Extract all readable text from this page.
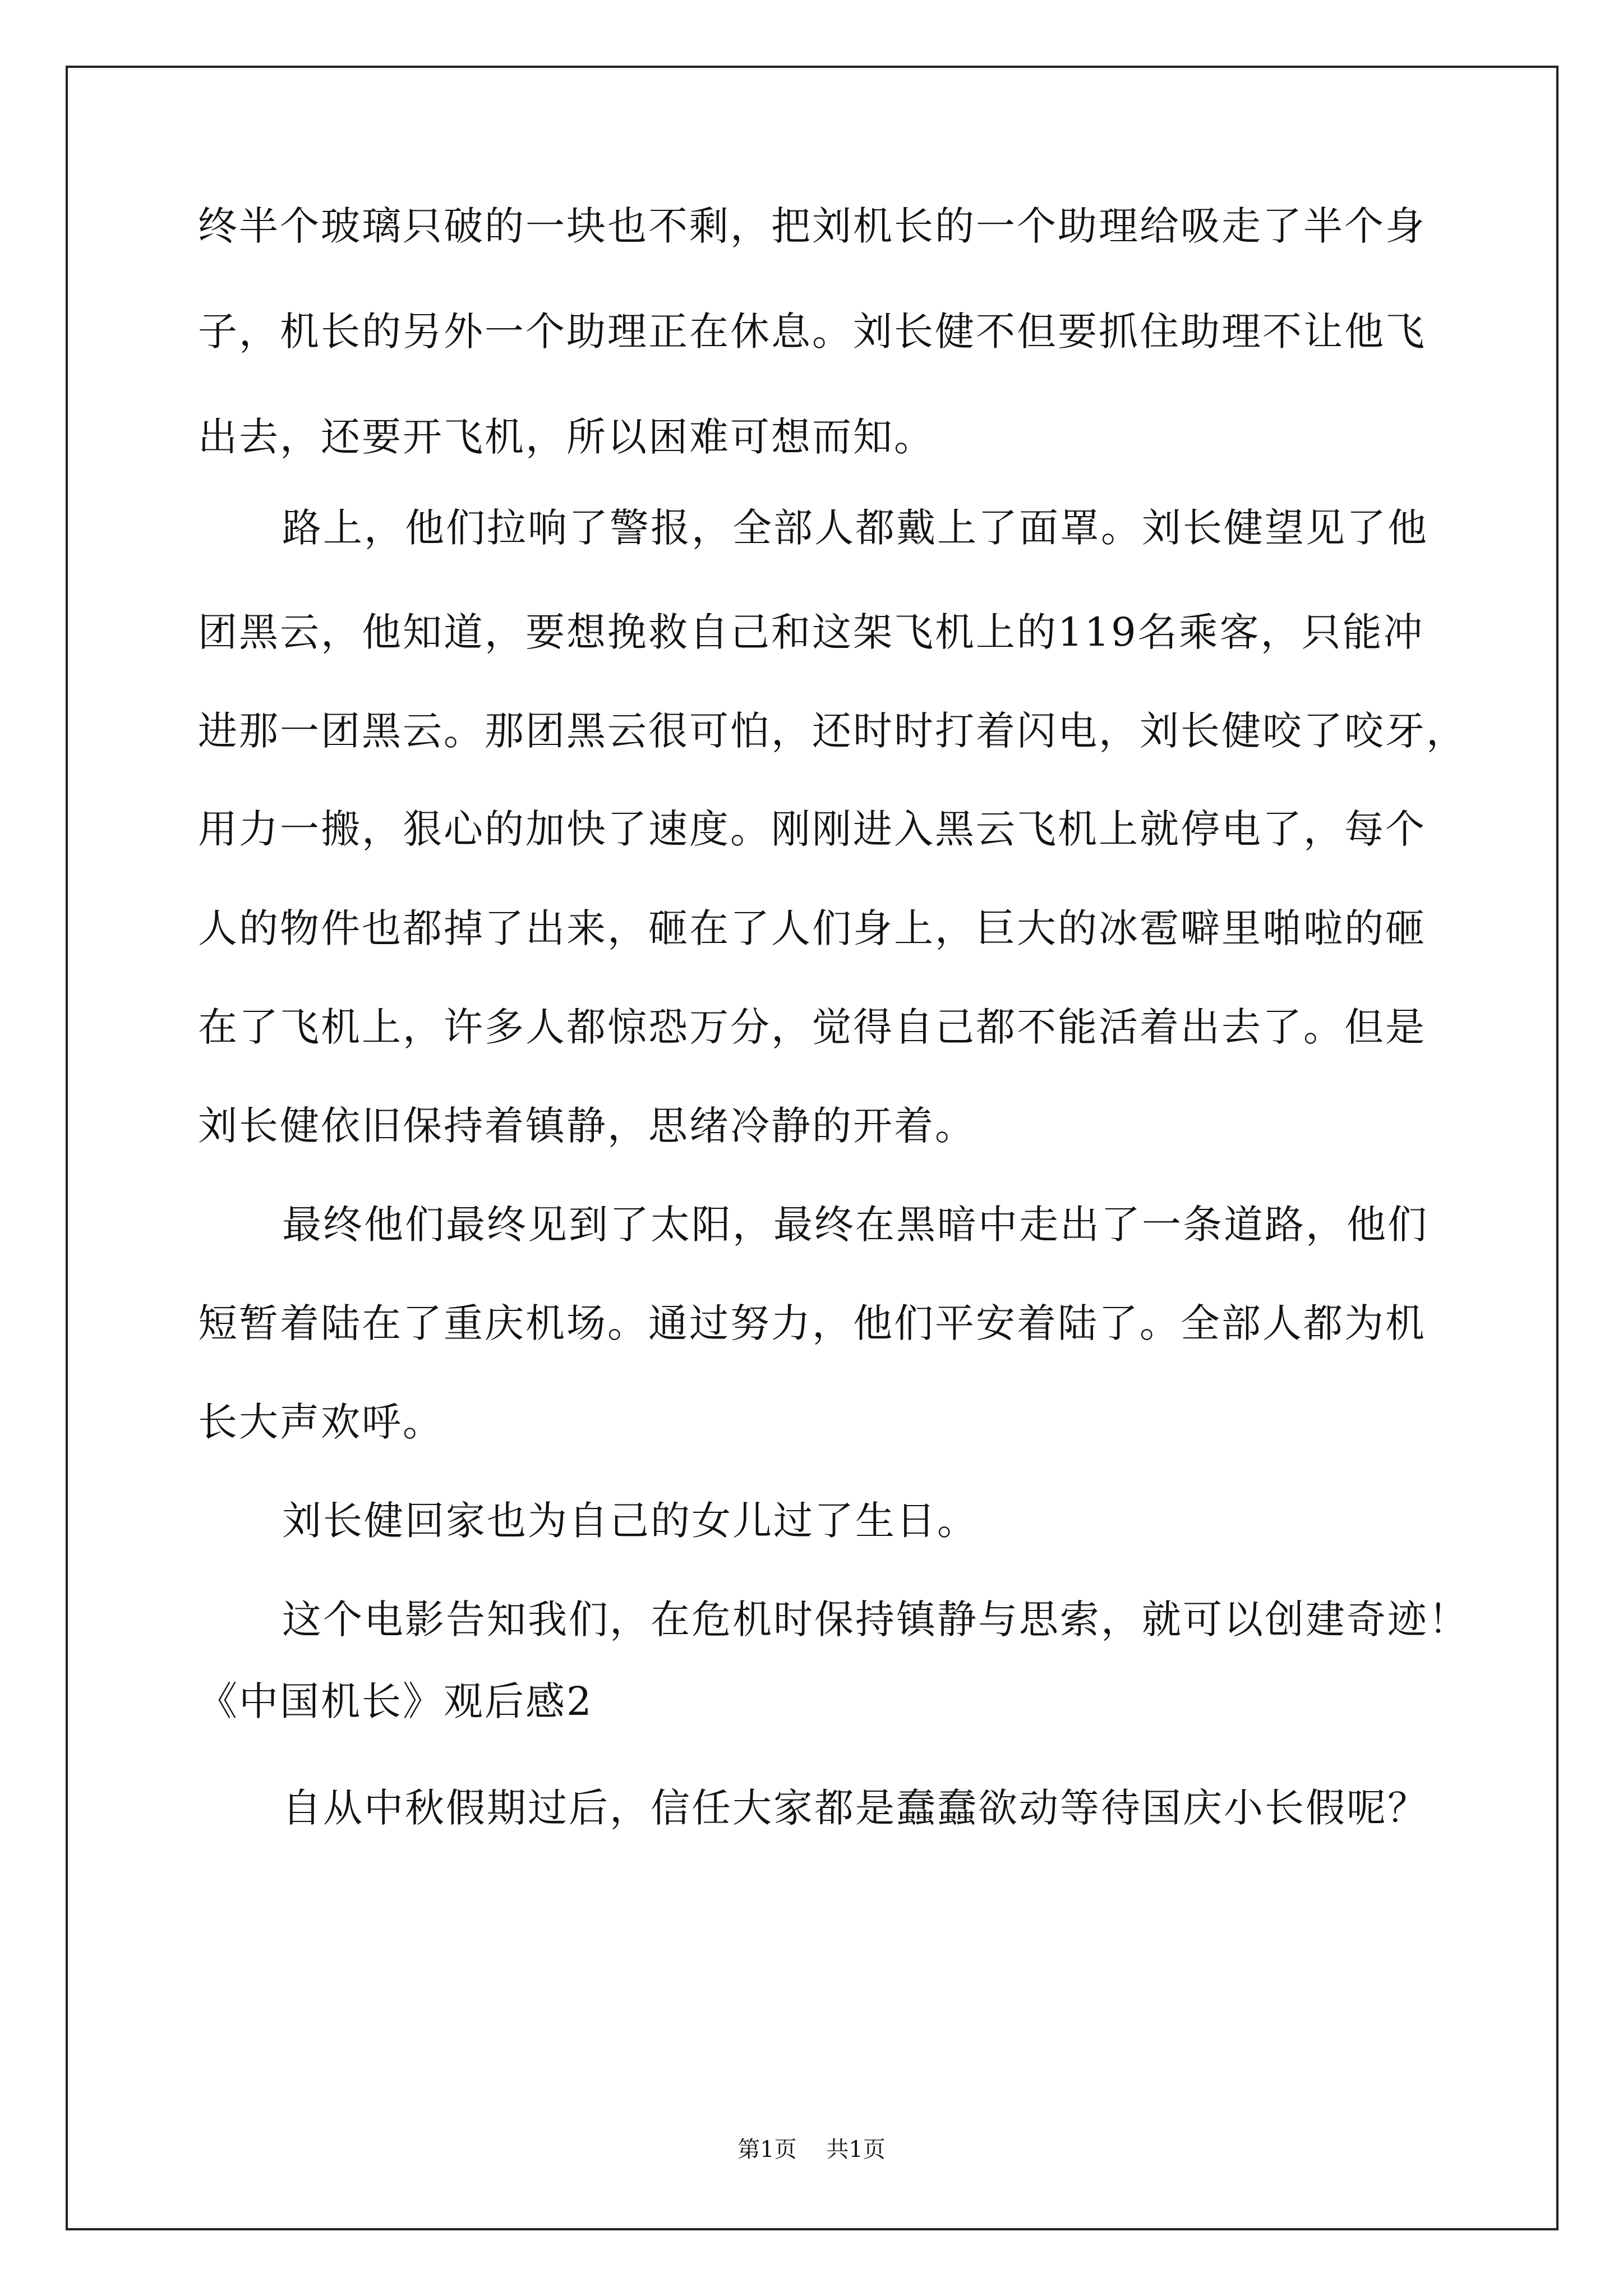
终半个玻璃只破的一块也不剩，把刘机长的一个助理给吸走了半个身
子，机长的另外一个助理正在休息。刘长健不但要抓住助理不让他飞
出去，还要开飞机，所以困难可想而知。
路上，他们拉响了警报，全部人都戴上了面罩。刘长健望见了他
团黑云，他知道，要想挽救自己和这架飞机上的119名乘客，只能冲
进那一团黑云。那团黑云很可怕，还时时打着闪电，刘长健咬了咬牙，
用力一搬，狠心的加快了速度。刚刚进入黑云飞机上就停电了，每个
人的物件也都掉了出来，砸在了人们身上，巨大的冰雹噼里啪啦的砸
在了飞机上，许多人都惊恐万分，觉得自己都不能活着出去了。但是
刘长健依旧保持着镇静，思绪冷静的开着。
最终他们最终见到了太阳，最终在黑暗中走出了一条道路，他们
短暂着陆在了重庆机场。通过努力，他们平安着陆了。全部人都为机
长大声欢呼。
刘长健回家也为自己的女儿过了生日。
这个电影告知我们，在危机时保持镇静与思索，就可以创建奇迹！
《中国机长》观后感2
自从中秋假期过后，信任大家都是蠢蠢欲动等待国庆小长假呢？
第1页 共1页
